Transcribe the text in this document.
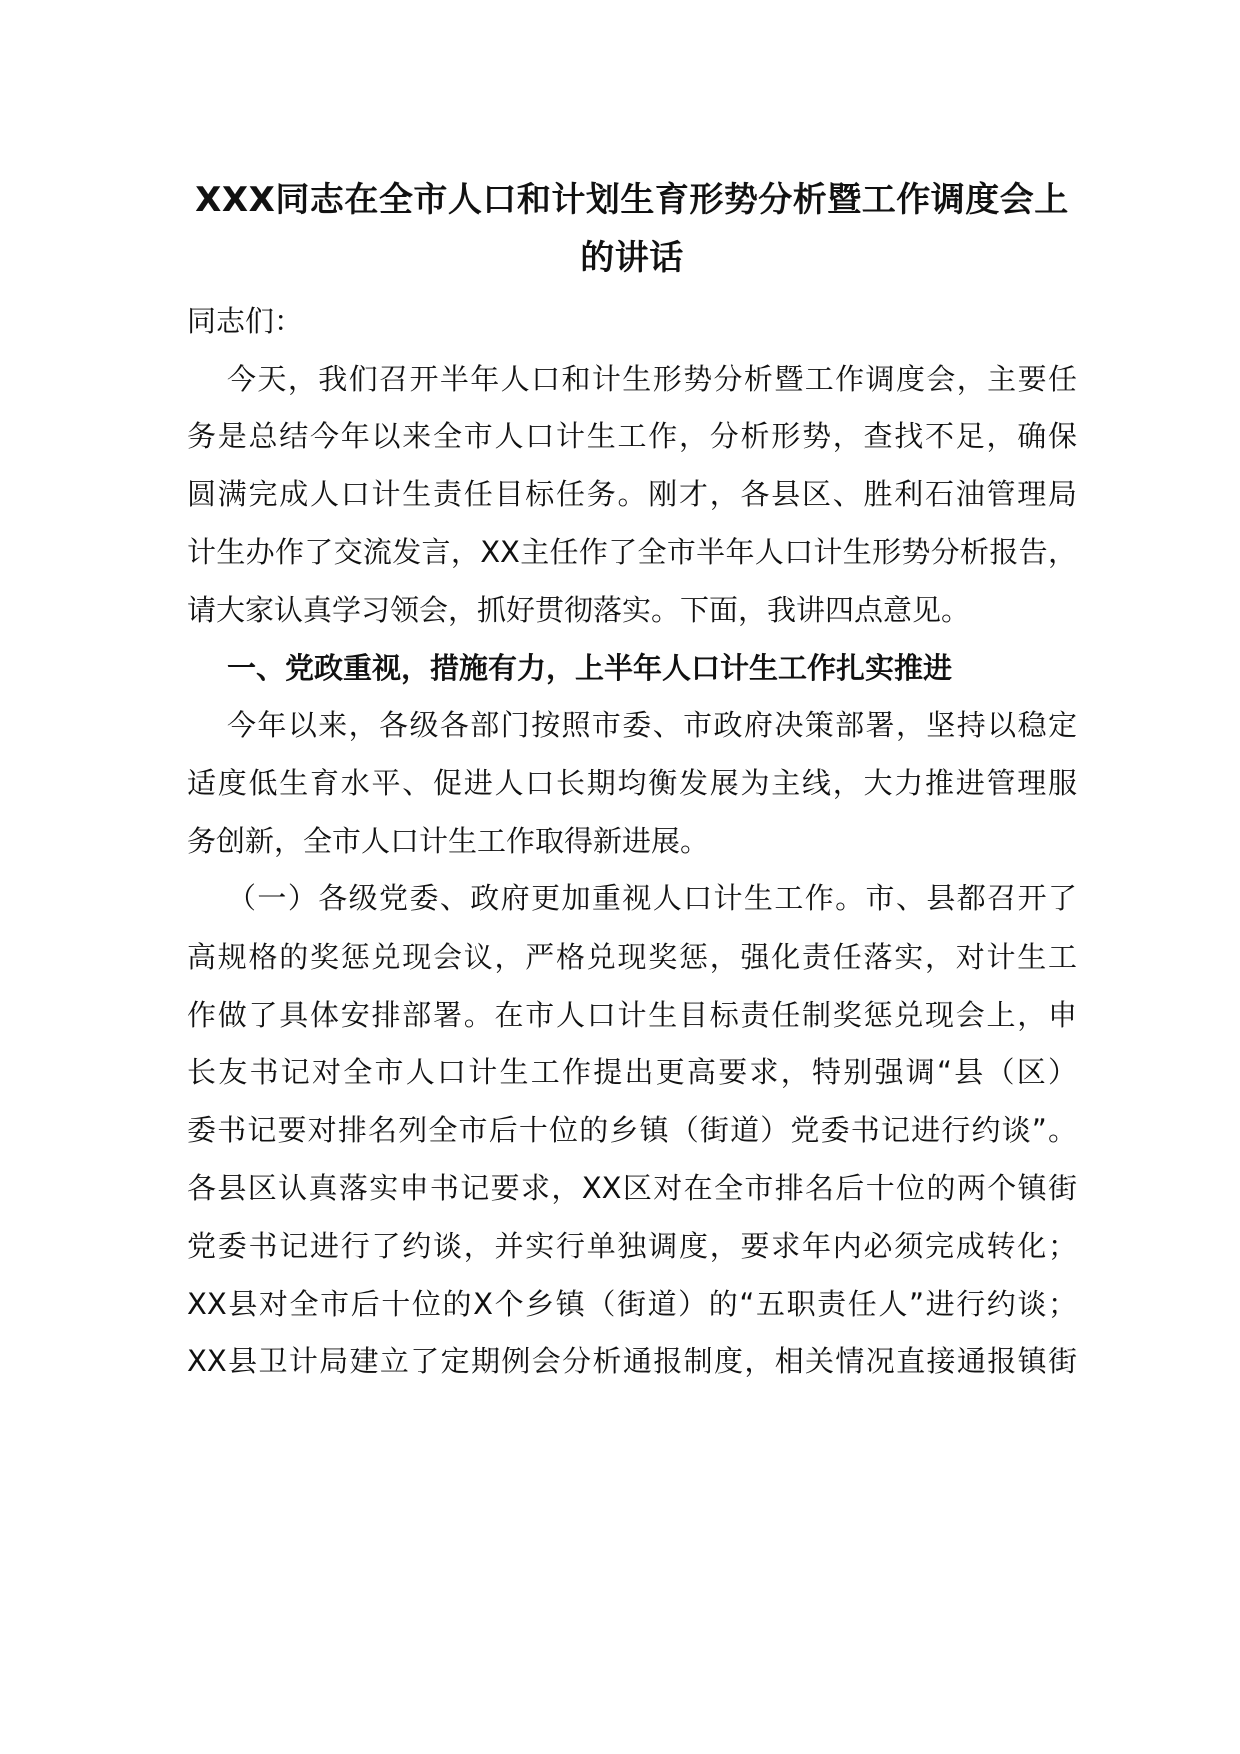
XXX同志在全市人口和计划生育形势分析暨工作调度会上
的讲话
同志们：
今天，我们召开半年人口和计生形势分析暨工作调度会，主要任
务是总结今年以来全市人口计生工作，分析形势，查找不足，确保
圆满完成人口计生责任目标任务。刚才，各县区、胜利石油管理局
计生办作了交流发言，XX主任作了全市半年人口计生形势分析报告，
请大家认真学习领会，抓好贯彻落实。下面，我讲四点意见。
一、党政重视，措施有力，上半年人口计生工作扎实推进
今年以来，各级各部门按照市委、市政府决策部署，坚持以稳定
适度低生育水平、促进人口长期均衡发展为主线，大力推进管理服
务创新，全市人口计生工作取得新进展。
（一）各级党委、政府更加重视人口计生工作。市、县都召开了
高规格的奖惩兑现会议，严格兑现奖惩，强化责任落实，对计生工
作做了具体安排部署。在市人口计生目标责任制奖惩兑现会上，申
长友书记对全市人口计生工作提出更高要求，特别强调“县（区）
委书记要对排名列全市后十位的乡镇（街道）党委书记进行约谈”。
各县区认真落实申书记要求，XX区对在全市排名后十位的两个镇街
党委书记进行了约谈，并实行单独调度，要求年内必须完成转化；
XX县对全市后十位的X个乡镇（街道）的“五职责任人”进行约谈；
XX县卫计局建立了定期例会分析通报制度，相关情况直接通报镇街
